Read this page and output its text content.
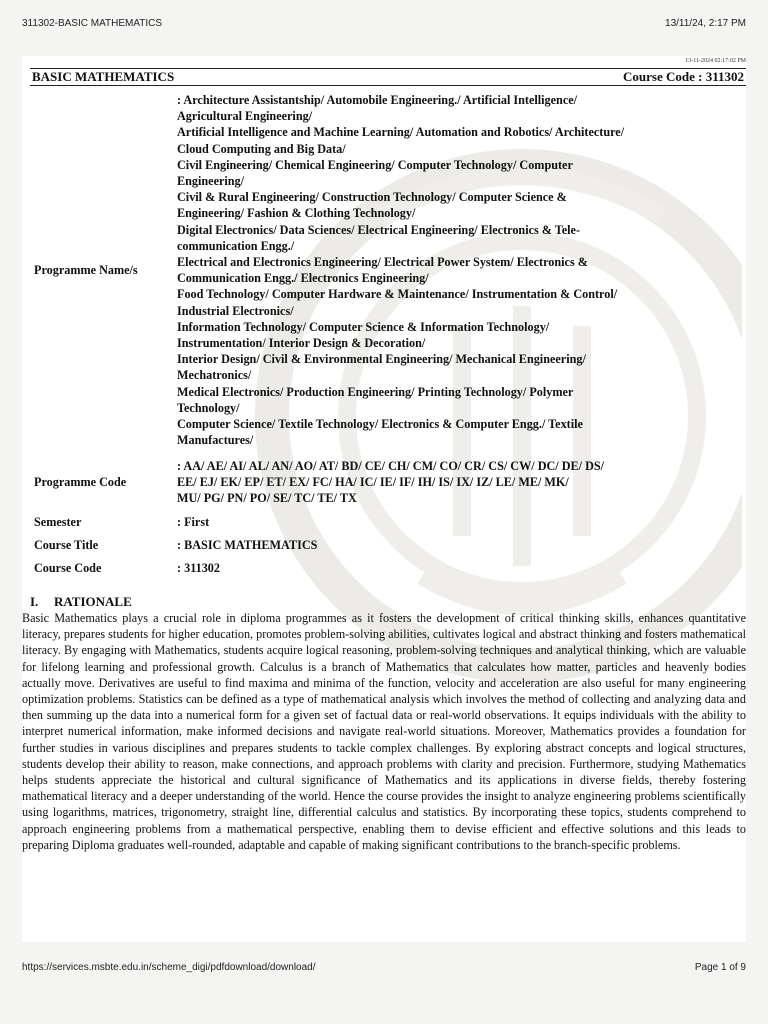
311302-BASIC MATHEMATICS	13/11/24, 2:17 PM
13-11-2024 02:17:02 PM
BASIC MATHEMATICS	Course Code : 311302
Programme Name/s
: Architecture Assistantship/ Automobile Engineering./ Artificial Intelligence/
Agricultural Engineering/
Artificial Intelligence and Machine Learning/ Automation and Robotics/ Architecture/
Cloud Computing and Big Data/
Civil Engineering/ Chemical Engineering/ Computer Technology/ Computer
Engineering/
Civil & Rural Engineering/ Construction Technology/ Computer Science &
Engineering/ Fashion & Clothing Technology/
Digital Electronics/ Data Sciences/ Electrical Engineering/ Electronics & Tele-
communication Engg./
Electrical and Electronics Engineering/ Electrical Power System/ Electronics &
Communication Engg./ Electronics Engineering/
Food Technology/ Computer Hardware & Maintenance/ Instrumentation & Control/
Industrial Electronics/
Information Technology/ Computer Science & Information Technology/
Instrumentation/ Interior Design & Decoration/
Interior Design/ Civil & Environmental Engineering/ Mechanical Engineering/
Mechatronics/
Medical Electronics/ Production Engineering/ Printing Technology/ Polymer
Technology/
Computer Science/ Textile Technology/ Electronics & Computer Engg./ Textile
Manufactures/
Programme Code
: AA/ AE/ AI/ AL/ AN/ AO/ AT/ BD/ CE/ CH/ CM/ CO/ CR/ CS/ CW/ DC/ DE/ DS/
EE/ EJ/ EK/ EP/ ET/ EX/ FC/ HA/ IC/ IE/ IF/ IH/ IS/ IX/ IZ/ LE/ ME/ MK/
MU/ PG/ PN/ PO/ SE/ TC/ TE/ TX
Semester	: First
Course Title	: BASIC MATHEMATICS
Course Code	: 311302
I. RATIONALE

Basic Mathematics plays a crucial role in diploma programmes as it fosters the development of critical thinking skills, enhances quantitative literacy, prepares students for higher education, promotes problem-solving abilities, cultivates logical and abstract thinking and fosters mathematical literacy. By engaging with Mathematics, students acquire logical reasoning, problem-solving techniques and analytical thinking, which are valuable for lifelong learning and professional growth. Calculus is a branch of Mathematics that calculates how matter, particles and heavenly bodies actually move. Derivatives are useful to find maxima and minima of the function, velocity and acceleration are also useful for many engineering optimization problems. Statistics can be defined as a type of mathematical analysis which involves the method of collecting and analyzing data and then summing up the data into a numerical form for a given set of factual data or real-world observations. It equips individuals with the ability to interpret numerical information, make informed decisions and navigate real-world situations. Moreover, Mathematics provides a foundation for further studies in various disciplines and prepares students to tackle complex challenges. By exploring abstract concepts and logical structures, students develop their ability to reason, make connections, and approach problems with clarity and precision. Furthermore, studying Mathematics helps students appreciate the historical and cultural significance of Mathematics and its applications in diverse fields, thereby fostering mathematical literacy and a deeper understanding of the world. Hence the course provides the insight to analyze engineering problems scientifically using logarithms, matrices, trigonometry, straight line, differential calculus and statistics. By incorporating these topics, students comprehend to approach engineering problems from a mathematical perspective, enabling them to devise efficient and effective solutions and this leads to preparing Diploma graduates well-rounded, adaptable and capable of making significant contributions to the branch-specific problems.

https://services.msbte.edu.in/scheme_digi/pdfdownload/download/	Page 1 of 9
